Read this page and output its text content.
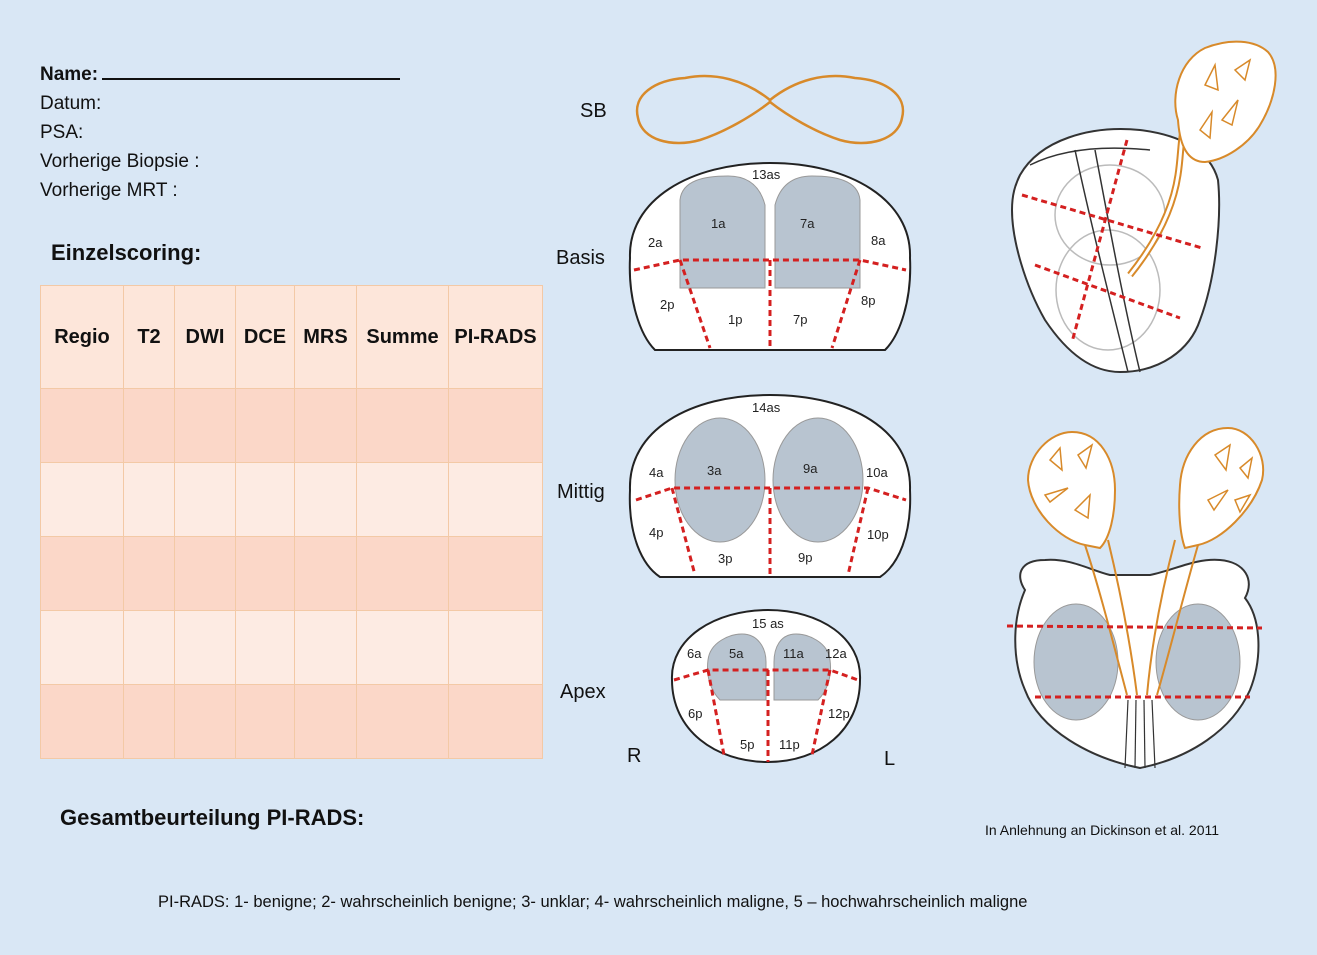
Name:
Datum:
PSA:
Vorherige Biopsie :
Vorherige MRT :
Einzelscoring:
Regio	T2	DWI	DCE	MRS	Summe	PI-RADS

Gesamtbeurteilung PI-RADS:	In Anlehnung an Dickinson et al. 2011
PI-RADS: 1- benigne; 2- wahrscheinlich benigne; 3- unklar; 4- wahrscheinlich maligne, 5 – hochwahrscheinlich maligne
SB
Basis
Mittig
Apex
R	L
13as
1a	7a
2a	8a
2p
1p	7p
8p
14as
3a	9a
4a	10a
4p
3p	9p
10p
15 as
6a 5a	11a 12a
6p	12p
5p 11p
